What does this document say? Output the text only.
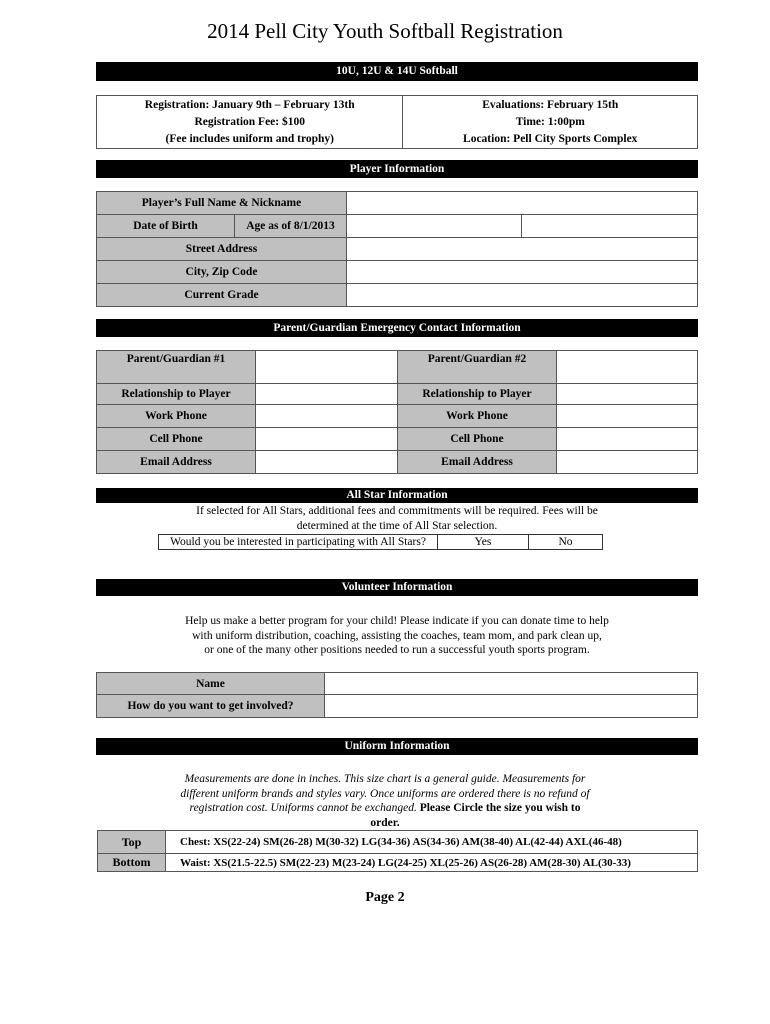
2014 Pell City Youth Softball Registration
10U, 12U & 14U Softball
Registration: January 9th – February 13th
Registration Fee: $100
(Fee includes uniform and trophy)

Evaluations: February 15th
Time: 1:00pm
Location: Pell City Sports Complex
Player Information
Player’s Full Name & Nickname			
Date of Birth	Age as of 8/1/2013		
Street Address			
City, Zip Code			
Current Grade			
Parent/Guardian Emergency Contact Information
Parent/Guardian #1		Parent/Guardian #2	
Relationship to Player		Relationship to Player	
Work Phone		Work Phone	
Cell Phone		Cell Phone	
Email Address		Email Address	
All Star Information
If selected for All Stars, additional fees and commitments will be required. Fees will be
determined at the time of All Star selection.
Would you be interested in participating with All Stars?	Yes	No
Volunteer Information
Help us make a better program for your child! Please indicate if you can donate time to help
with uniform distribution, coaching, assisting the coaches, team mom, and park clean up,
or one of the many other positions needed to run a successful youth sports program.
Name	
How do you want to get involved?	
Uniform Information
Measurements are done in inches. This size chart is a general guide. Measurements for
different uniform brands and styles vary. Once uniforms are ordered there is no refund of
registration cost. Uniforms cannot be exchanged. Please Circle the size you wish to
order.
Top	Chest: XS(22-24) SM(26-28) M(30-32) LG(34-36) AS(34-36) AM(38-40) AL(42-44) AXL(46-48)
Bottom	Waist: XS(21.5-22.5) SM(22-23) M(23-24) LG(24-25) XL(25-26) AS(26-28) AM(28-30) AL(30-33)
Page 2
